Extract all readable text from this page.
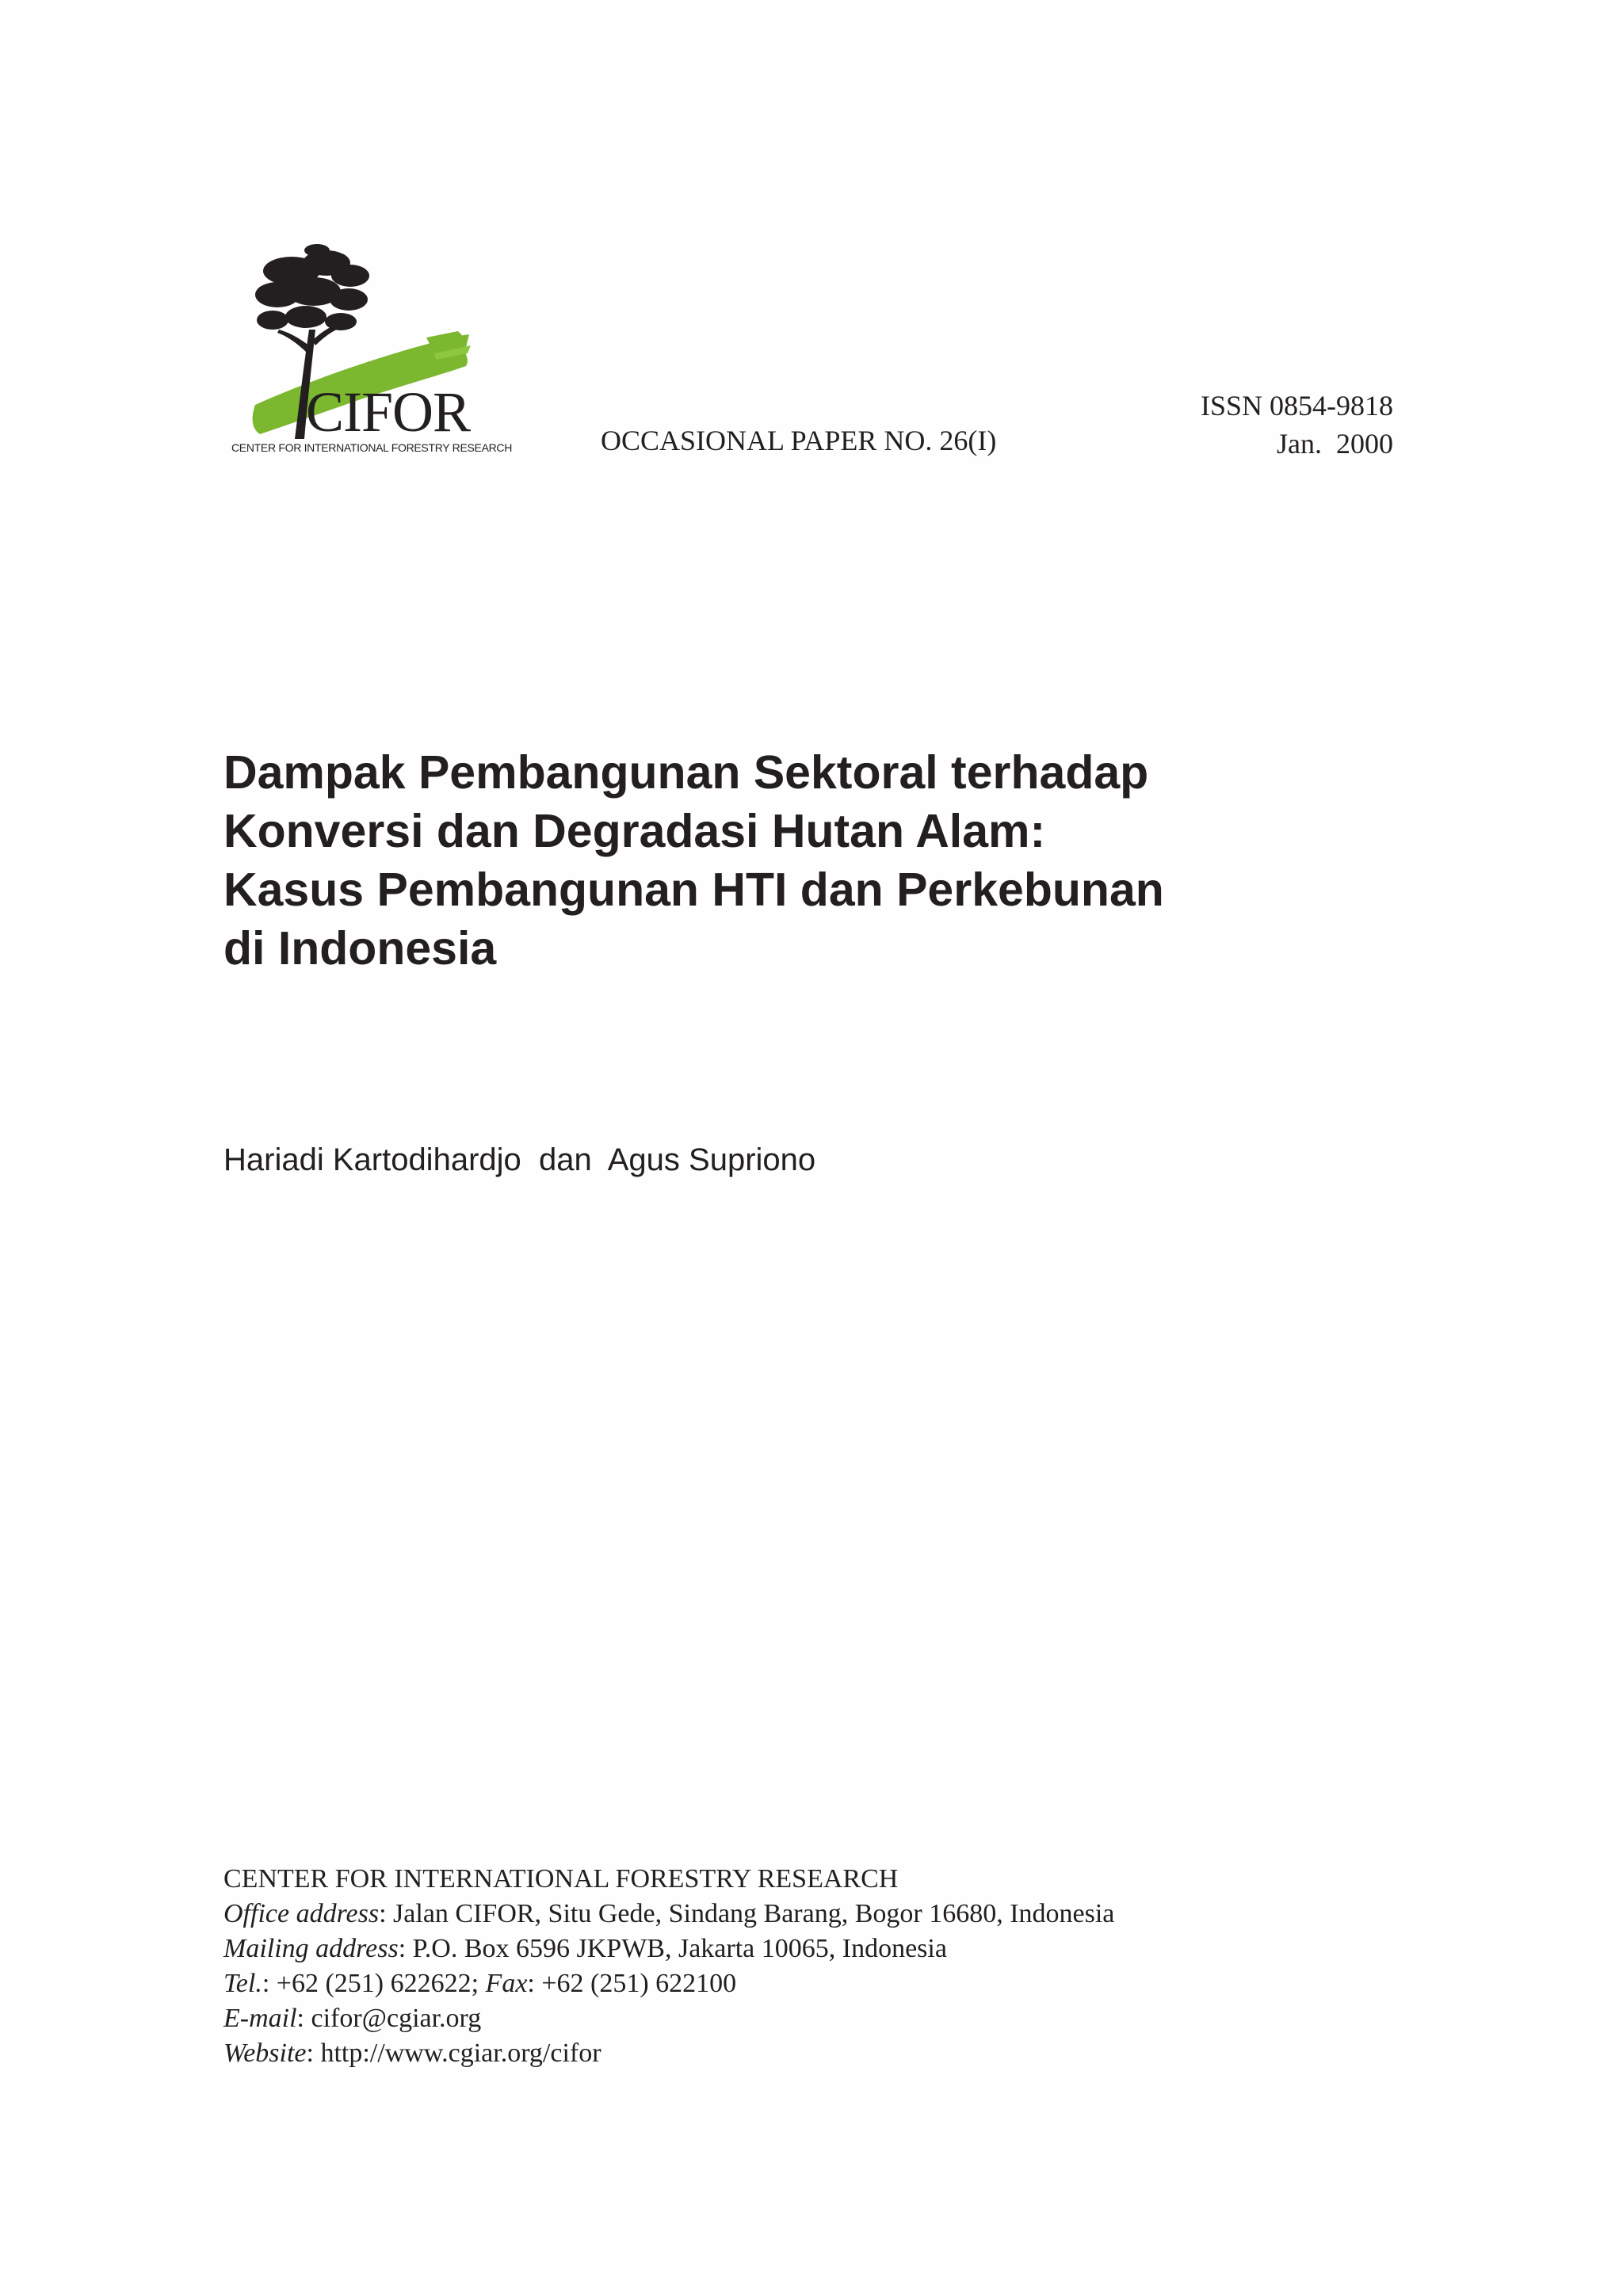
CIFOR
CENTER FOR INTERNATIONAL FORESTRY RESEARCH	OCCASIONAL PAPER NO. 26(I)
ISSN 0854-9818
Jan.  2000
Dampak Pembangunan Sektoral terhadap
Konversi dan Degradasi Hutan Alam:
Kasus Pembangunan HTI dan Perkebunan
di Indonesia
Hariadi Kartodihardjo  dan  Agus Supriono
CENTER FOR INTERNATIONAL FORESTRY RESEARCH
Office address: Jalan CIFOR, Situ Gede, Sindang Barang, Bogor 16680, Indonesia
Mailing address: P.O. Box 6596 JKPWB, Jakarta 10065, Indonesia
Tel.: +62 (251) 622622; Fax: +62 (251) 622100
E-mail: cifor@cgiar.org
Website: http://www.cgiar.org/cifor
